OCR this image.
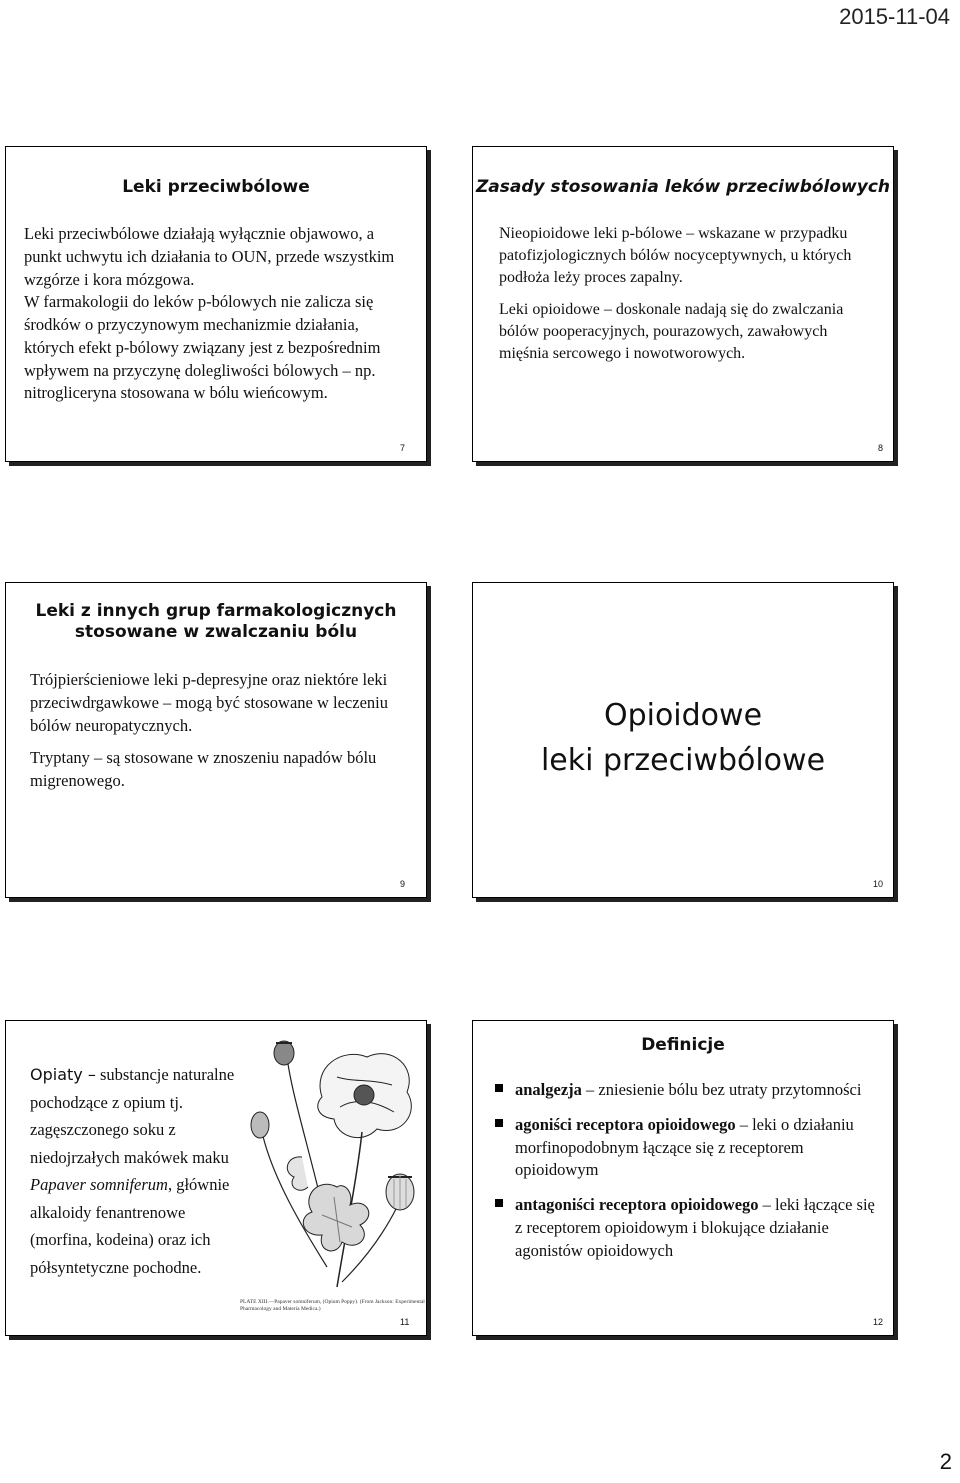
2015-11-04
Leki przeciwbólowe

Leki przeciwbólowe działają wyłącznie objawowo, a punkt uchwytu ich działania to OUN, przede wszystkim wzgórze i kora mózgowa.

W farmakologii do leków p-bólowych nie zalicza się środków o przyczynowym mechanizmie działania, których efekt p-bólowy związany jest z bezpośrednim wpływem na przyczynę dolegliwości bólowych – np. nitrogliceryna stosowana w bólu wieńcowym.

7
Zasady stosowania leków przeciwbólowych

Nieopioidowe leki p-bólowe – wskazane w przypadku patofizjologicznych bólów nocyceptywnych, u których podłoża leży proces zapalny.

Leki opioidowe – doskonale nadają się do zwalczania bólów pooperacyjnych, pourazowych, zawałowych mięśnia sercowego i nowotworowych.

8
Leki z innych grup farmakologicznych stosowane w zwalczaniu bólu

Trójpierścieniowe leki p-depresyjne oraz niektóre leki przeciwdrgawkowe – mogą być stosowane w leczeniu bólów neuropatycznych.

Tryptany – są stosowane w znoszeniu napadów bólu migrenowego.

9
Opioidowe
leki przeciwbólowe
10
Opiaty – substancje naturalne pochodzące z opium tj. zagęszczonego soku z niedojrzałych makówek maku Papaver somniferum, głównie alkaloidy fenantrenowe (morfina, kodeina) oraz ich półsyntetyczne pochodne.
PLATE XIII.—Papaver somniferum, (Opium Poppy). (From Jackson: Experimental Pharmacology and Materia Medica.)
11
Definicje
analgezja – zniesienie bólu bez utraty przytomności
agoniści receptora opioidowego – leki o działaniu morfinopodobnym łączące się z receptorem opioidowym
antagoniści receptora opioidowego – leki łączące się z receptorem opioidowym i blokujące działanie agonistów opioidowych
12
2
